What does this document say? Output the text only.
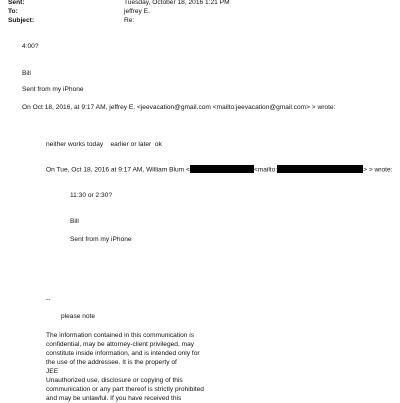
Sent:	Tuesday, October 18, 2016 1:21 PM
To:	jeffrey E.
Subject:	Re:
4:00?
Bill
Sent from my iPhone
On Oct 18, 2016, at 9:17 AM, jeffrey E. <jeevacation@gmail.com <mailto:jeevacation@gmail.com> > wrote:
neither works today    earlier or later  ok
On Tue, Oct 18, 2016 at 9:17 AM, William Blum <	<mailto:	> > wrote:
11:30 or 2:30?
Bill
Sent from my iPhone
--
please note
The information contained in this communication is
confidential, may be attorney-client privileged, may
constitute inside information, and is intended only for
the use of the addressee. It is the property of
JEE
Unauthorized use, disclosure or copying of this
communication or any part thereof is strictly prohibited
and may be unlawful. If you have received this
